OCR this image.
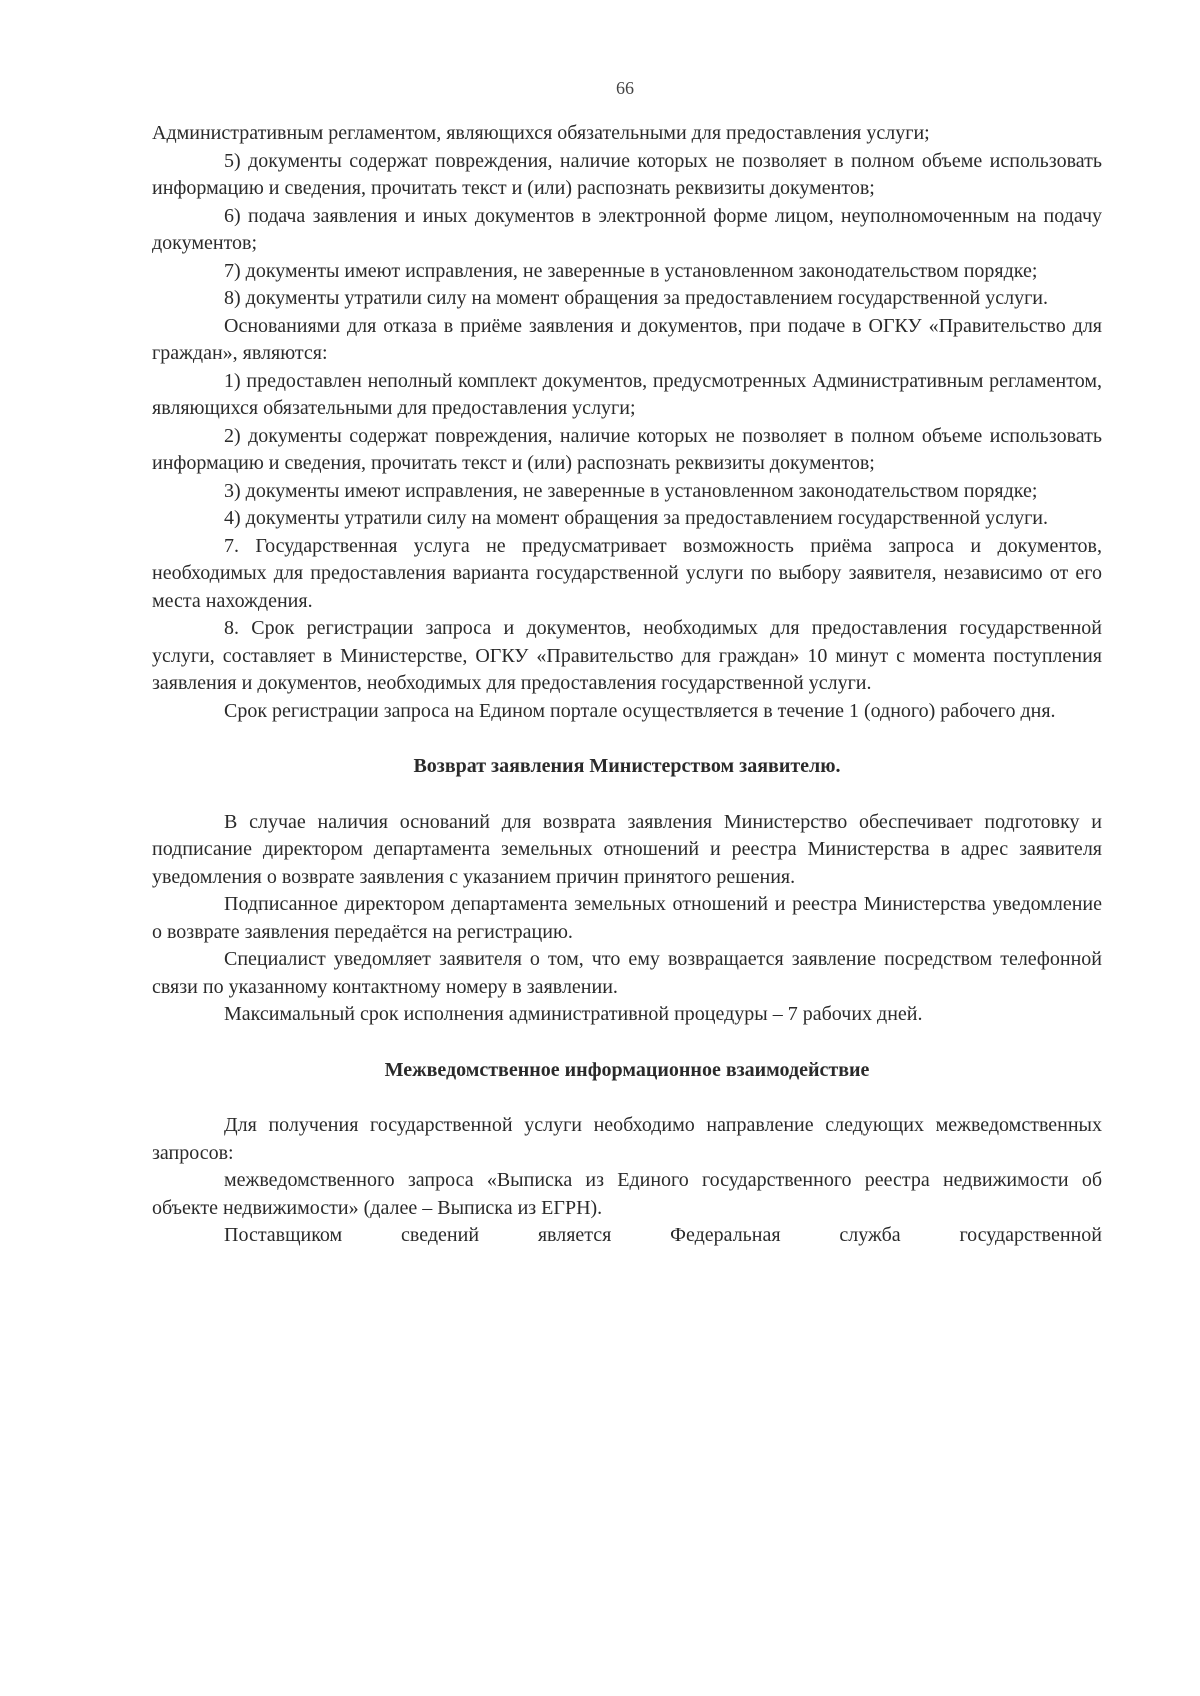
66

Административным регламентом, являющихся обязательными для предоставления услуги;

5) документы содержат повреждения, наличие которых не позволяет в полном объеме использовать информацию и сведения, прочитать текст и (или) распознать реквизиты документов;

6) подача заявления и иных документов в электронной форме лицом, неуполномоченным на подачу документов;

7) документы имеют исправления, не заверенные в установленном законодательством порядке;

8) документы утратили силу на момент обращения за предоставлением государственной услуги.

Основаниями для отказа в приёме заявления и документов, при подаче в ОГКУ «Правительство для граждан», являются:

1) предоставлен неполный комплект документов, предусмотренных Административным регламентом, являющихся обязательными для предоставления услуги;

2) документы содержат повреждения, наличие которых не позволяет в полном объеме использовать информацию и сведения, прочитать текст и (или) распознать реквизиты документов;

3) документы имеют исправления, не заверенные в установленном законодательством порядке;

4) документы утратили силу на момент обращения за предоставлением государственной услуги.

7. Государственная услуга не предусматривает возможность приёма запроса и документов, необходимых для предоставления варианта государственной услуги по выбору заявителя, независимо от его места нахождения.

8. Срок регистрации запроса и документов, необходимых для предоставления государственной услуги, составляет в Министерстве, ОГКУ «Правительство для граждан» 10 минут с момента поступления заявления и документов, необходимых для предоставления государственной услуги.

Срок регистрации запроса на Едином портале осуществляется в течение 1 (одного) рабочего дня.

Возврат заявления Министерством заявителю.

В случае наличия оснований для возврата заявления Министерство обеспечивает подготовку и подписание директором департамента земельных отношений и реестра Министерства в адрес заявителя уведомления о возврате заявления с указанием причин принятого решения.

Подписанное директором департамента земельных отношений и реестра Министерства уведомление о возврате заявления передаётся на регистрацию.

Специалист уведомляет заявителя о том, что ему возвращается заявление посредством телефонной связи по указанному контактному номеру в заявлении.

Максимальный срок исполнения административной процедуры – 7 рабочих дней.

Межведомственное информационное взаимодействие

Для получения государственной услуги необходимо направление следующих межведомственных запросов:

межведомственного запроса «Выписка из Единого государственного реестра недвижимости об объекте недвижимости» (далее – Выписка из ЕГРН).

Поставщиком сведений является Федеральная служба государственной
